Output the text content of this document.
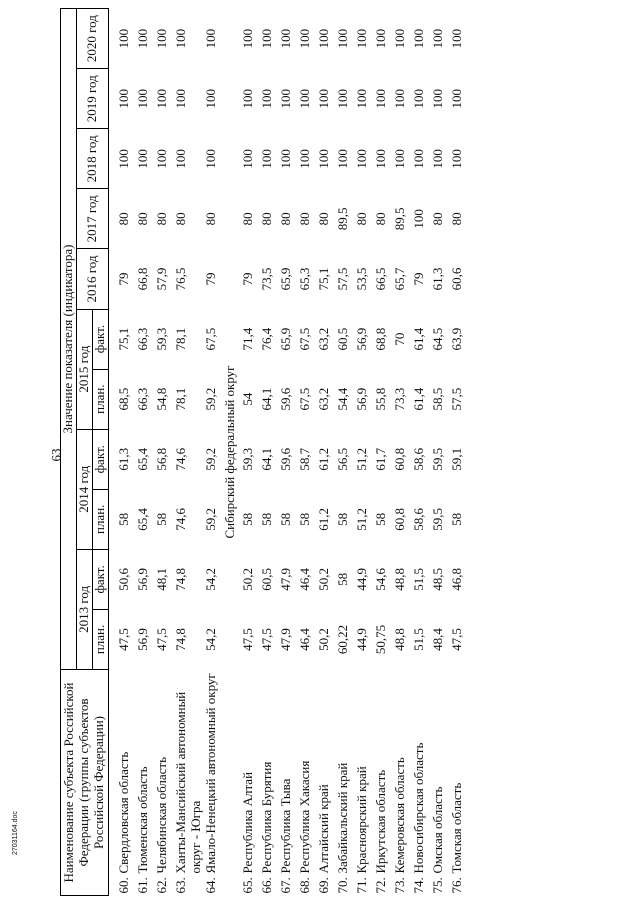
63
27031164.doc	Наименование субъекта Российской Федерации (группы субъектов Российской Федерации)		Значение показателя (индикатора)										
		2013 год		2014 год		2015 год		2016 год	2017 год	2018 год	2019 год	2020 год
		план.	факт.	план.	факт.	план.	факт.					

60.	Свердловская область	47,5	50,6	58	61,3	68,5	75,1	79	80	100	100	100
61.	Тюменская область	56,9	56,9	65,4	65,4	66,3	66,3	66,8	80	100	100	100
62.	Челябинская область	47,5	48,1	58	56,8	54,8	59,3	57,9	80	100	100	100
63.	Ханты-Мансийский автономный округ - Югра	74,8	74,8	74,6	74,6	78,1	78,1	76,5	80	100	100	100
64.	Ямало-Ненецкий автономный округ	54,2	54,2	59,2	59,2	59,2	67,5	79	80	100	100	100
Сибирский федеральный округ												
65.	Республика Алтай	47,5	50,2	58	59,3	54	71,4	79	80	100	100	100
66.	Республика Бурятия	47,5	60,5	58	64,1	64,1	76,4	73,5	80	100	100	100
67.	Республика Тыва	47,9	47,9	58	59,6	59,6	65,9	65,9	80	100	100	100
68.	Республика Хакасия	46,4	46,4	58	58,7	67,5	67,5	65,3	80	100	100	100
69.	Алтайский край	50,2	50,2	61,2	61,2	63,2	63,2	75,1	80	100	100	100
70.	Забайкальский край	60,22	58	58	56,5	54,4	60,5	57,5	89,5	100	100	100
71.	Красноярский край	44,9	44,9	51,2	51,2	56,9	56,9	53,5	80	100	100	100
72.	Иркутская область	50,75	54,6	58	61,7	55,8	68,8	66,5	80	100	100	100
73.	Кемеровская область	48,8	48,8	60,8	60,8	73,3	70	65,7	89,5	100	100	100
74.	Новосибирская область	51,5	51,5	58,6	58,6	61,4	61,4	79	100	100	100	100
75.	Омская область	48,4	48,5	59,5	59,5	58,5	64,5	61,3	80	100	100	100
76.	Томская область	47,5	46,8	58	59,1	57,5	63,9	60,6	80	100	100	100
